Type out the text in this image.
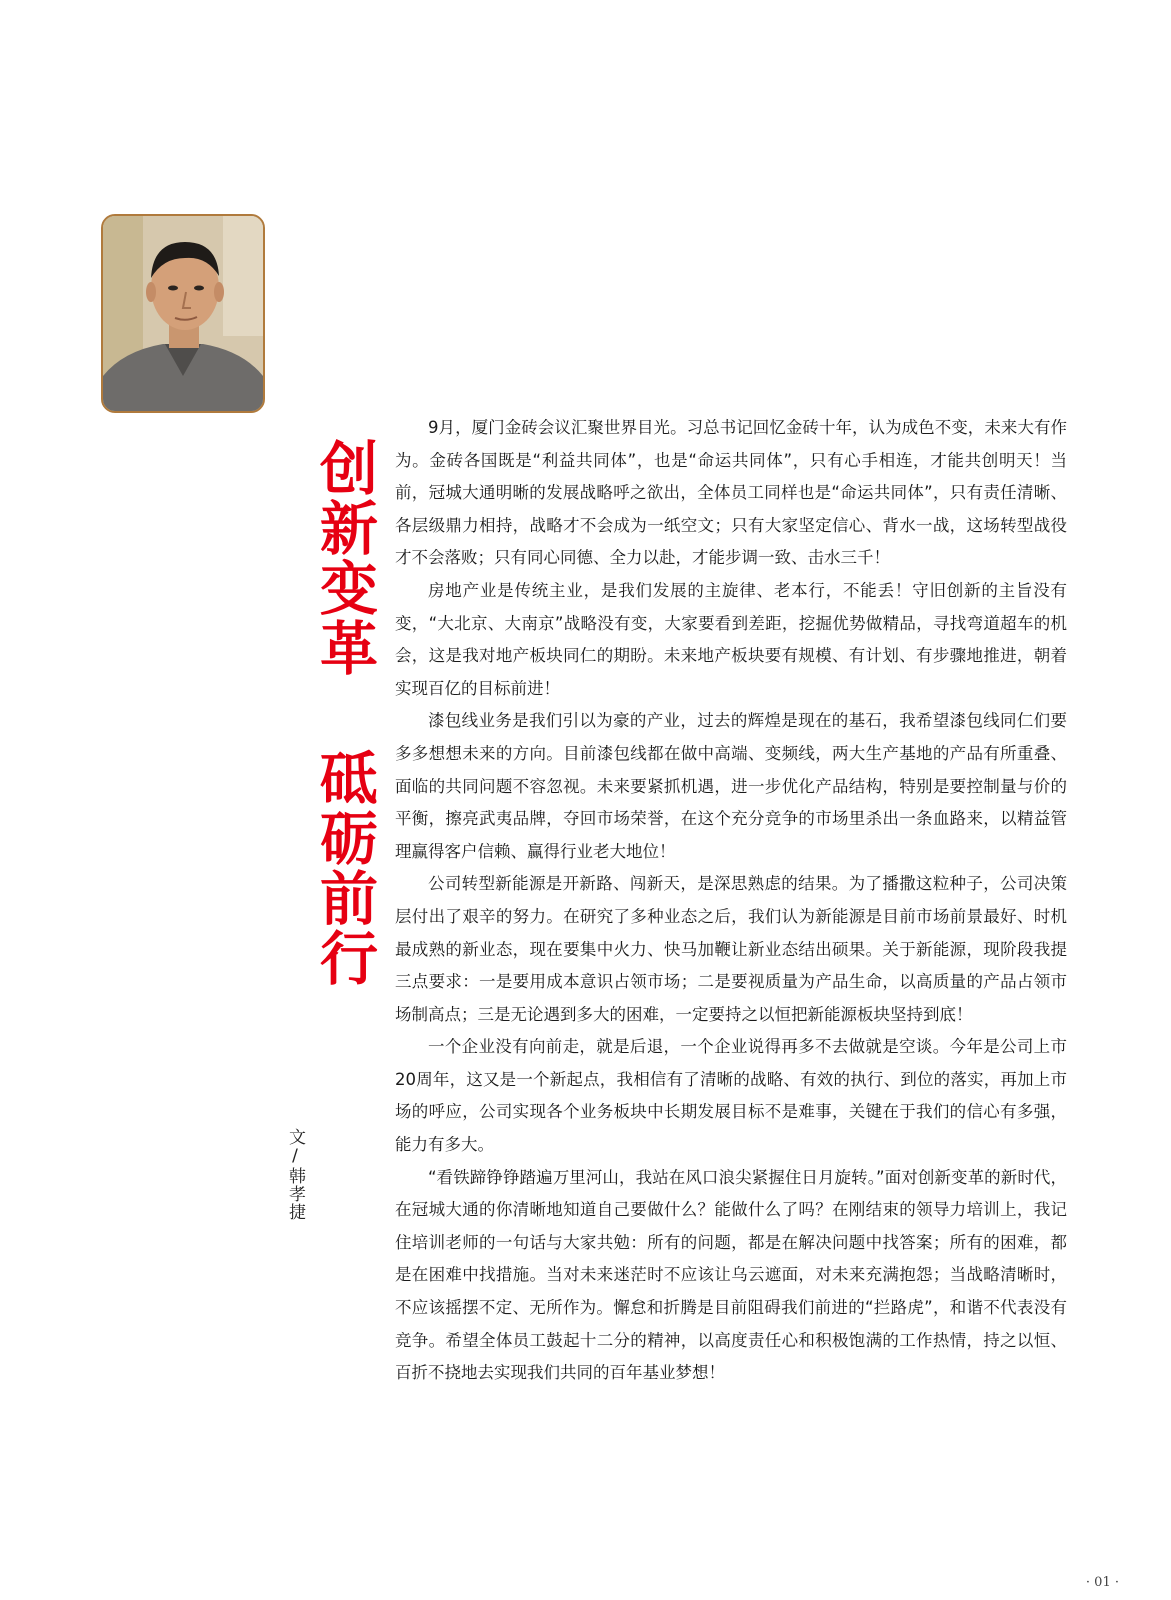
创新变革 砥砺前行
文/韩孝捷

9月，厦门金砖会议汇聚世界目光。习总书记回忆金砖十年，认为成色不变，未来大有作为。金砖各国既是“利益共同体”，也是“命运共同体”，只有心手相连，才能共创明天！当前，冠城大通明晰的发展战略呼之欲出，全体员工同样也是“命运共同体”，只有责任清晰、各层级鼎力相持，战略才不会成为一纸空文；只有大家坚定信心、背水一战，这场转型战役才不会落败；只有同心同德、全力以赴，才能步调一致、击水三千！

房地产业是传统主业，是我们发展的主旋律、老本行，不能丢！守旧创新的主旨没有变，“大北京、大南京”战略没有变，大家要看到差距，挖掘优势做精品，寻找弯道超车的机会，这是我对地产板块同仁的期盼。未来地产板块要有规模、有计划、有步骤地推进，朝着实现百亿的目标前进！

漆包线业务是我们引以为豪的产业，过去的辉煌是现在的基石，我希望漆包线同仁们要多多想想未来的方向。目前漆包线都在做中高端、变频线，两大生产基地的产品有所重叠、面临的共同问题不容忽视。未来要紧抓机遇，进一步优化产品结构，特别是要控制量与价的平衡，擦亮武夷品牌，夺回市场荣誉，在这个充分竞争的市场里杀出一条血路来，以精益管理赢得客户信赖、赢得行业老大地位！

公司转型新能源是开新路、闯新天，是深思熟虑的结果。为了播撒这粒种子，公司决策层付出了艰辛的努力。在研究了多种业态之后，我们认为新能源是目前市场前景最好、时机最成熟的新业态，现在要集中火力、快马加鞭让新业态结出硕果。关于新能源，现阶段我提三点要求：一是要用成本意识占领市场；二是要视质量为产品生命，以高质量的产品占领市场制高点；三是无论遇到多大的困难，一定要持之以恒把新能源板块坚持到底！

一个企业没有向前走，就是后退，一个企业说得再多不去做就是空谈。今年是公司上市20周年，这又是一个新起点，我相信有了清晰的战略、有效的执行、到位的落实，再加上市场的呼应，公司实现各个业务板块中长期发展目标不是难事，关键在于我们的信心有多强，能力有多大。

“看铁蹄铮铮踏遍万里河山，我站在风口浪尖紧握住日月旋转。”面对创新变革的新时代，在冠城大通的你清晰地知道自己要做什么？能做什么了吗？在刚结束的领导力培训上，我记住培训老师的一句话与大家共勉：所有的问题，都是在解决问题中找答案；所有的困难，都是在困难中找措施。当对未来迷茫时不应该让乌云遮面，对未来充满抱怨；当战略清晰时，不应该摇摆不定、无所作为。懈怠和折腾是目前阻碍我们前进的“拦路虎”，和谐不代表没有竞争。希望全体员工鼓起十二分的精神，以高度责任心和积极饱满的工作热情，持之以恒、百折不挠地去实现我们共同的百年基业梦想！

· 01 ·
